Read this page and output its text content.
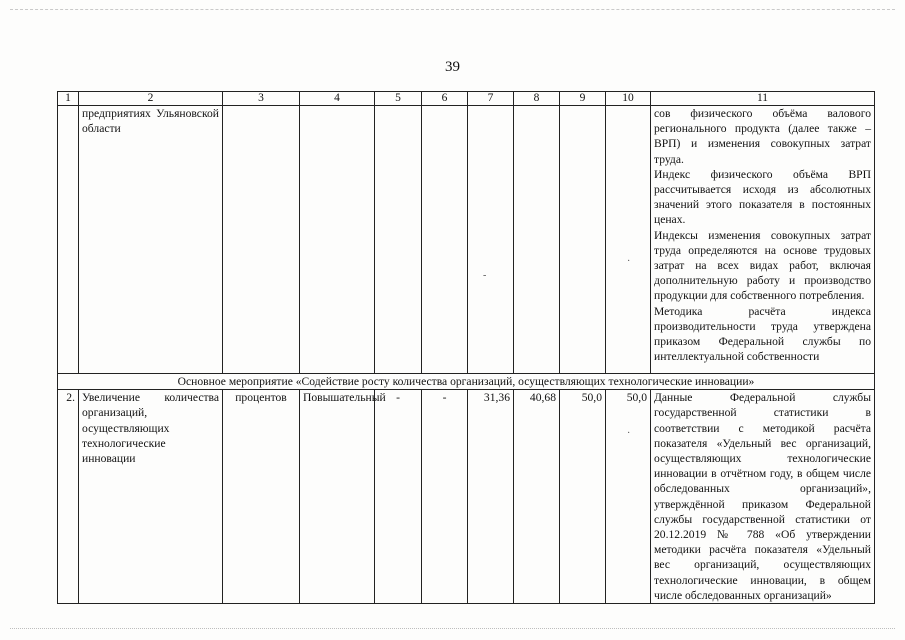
39
1	2	3	4	5	6	7	8	9	10	11
	предприятиях Ульяновской области									сов физического объёма валового регионального продукта (далее также – ВРП) и изменения совокупных затрат труда.

Индекс физического объёма ВРП рассчитывается исходя из абсолютных значений этого показателя в постоянных ценах.

Индексы изменения совокупных затрат труда определяются на основе трудовых затрат на всех видах работ, включая дополнительную работу и производство продукции для собственного потребления.

Методика расчёта индекса производительности труда утверждена приказом Федеральной службы по интеллектуальной собственности

Основное мероприятие «Содействие росту количества организаций, осуществляющих технологические инновации»										
2.	Увеличение количества организаций, осуществляющих технологические инновации	процентов	Повышательный	-	-	31,36	40,68	50,0	50,0	Данные Федеральной службы государственной статистики в соответствии с методикой расчёта показателя «Удельный вес организаций, осуществляющих технологические инновации в отчётном году, в общем числе обследованных организаций», утверждённой приказом Федеральной службы государственной статистики от 20.12.2019 № 788 «Об утверждении методики расчёта показателя «Удельный вес организаций, осуществляющих технологические инновации, в общем числе обследованных организаций»
-
·
·
